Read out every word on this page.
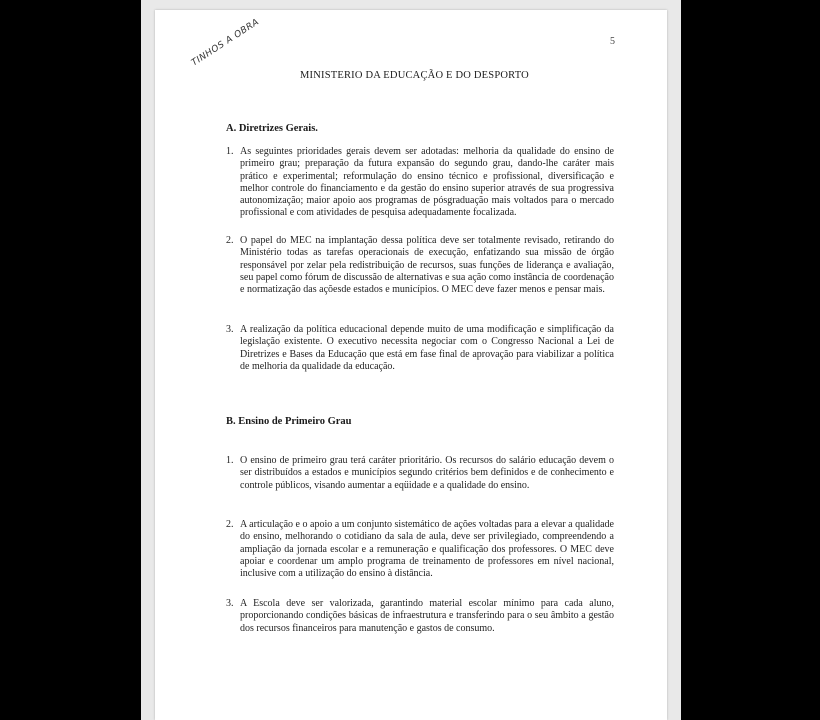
5
TINHOS A OBRA
MINISTERIO DA EDUCAÇÃO E DO DESPORTO
A. Diretrizes Gerais.
1. As seguintes prioridades gerais devem ser adotadas: melhoria da qualidade do ensino de primeiro grau; preparação da futura expansão do segundo grau, dando-lhe caráter mais prático e experimental; reformulação do ensino técnico e profissional, diversificação e melhor controle do financiamento e da gestão do ensino superior através de sua progressiva autonomização; maior apoio aos programas de pósgraduação mais voltados para o mercado profissional e com atividades de pesquisa adequadamente focalizada.
2. O papel do MEC na implantação dessa política deve ser totalmente revisado, retirando do Ministério todas as tarefas operacionais de execução, enfatizando sua missão de órgão responsável por zelar pela redistribuição de recursos, suas funções de liderança e avaliação, seu papel como fórum de discussão de alternativas e sua ação como instância de coordenação e normatização das açõesde estados e municípios. O MEC deve fazer menos e pensar mais.
3. A realização da política educacional depende muito de uma modificação e simplificação da legislação existente. O executivo necessita negociar com o Congresso Nacional a Lei de Diretrizes e Bases da Educação que está em fase final de aprovação para viabilizar a política de melhoria da qualidade da educação.
B. Ensino de Primeiro Grau
1. O ensino de primeiro grau terá caráter prioritário. Os recursos do salário educação devem o ser distribuídos a estados e municípios segundo critérios bem definidos e de conhecimento e controle públicos, visando aumentar a eqüidade e a qualidade do ensino.
2. A articulação e o apoio a um conjunto sistemático de ações voltadas para a elevar a qualidade do ensino, melhorando o cotidiano da sala de aula, deve ser privilegiado, compreendendo a ampliação da jornada escolar e a remuneração e qualificação dos professores. O MEC deve apoiar e coordenar um amplo programa de treinamento de professores em nível nacional, inclusive com a utilização do ensino à distância.
3. A Escola deve ser valorizada, garantindo material escolar mínimo para cada aluno, proporcionando condições básicas de infraestrutura e transferindo para o seu âmbito a gestão dos recursos financeiros para manutenção e gastos de consumo.
